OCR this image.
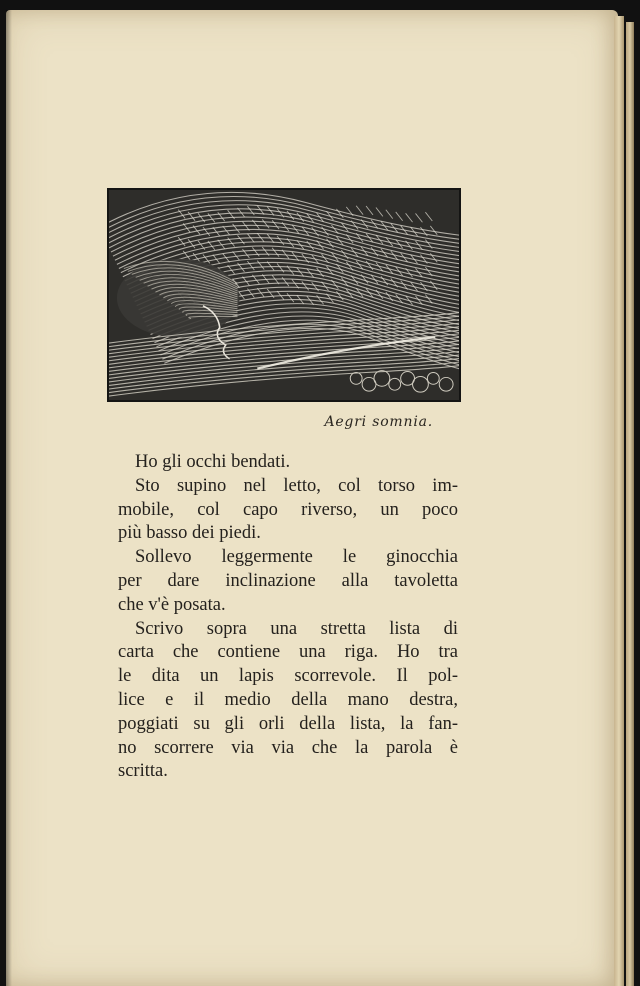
Aegri somnia.

Ho gli occhi bendati.

Sto supino nel letto, col torso im-
mobile, col capo riverso, un poco
più basso dei piedi.

Sollevo leggermente le ginocchia
per dare inclinazione alla tavoletta
che v'è posata.

Scrivo sopra una stretta lista di
carta che contiene una riga. Ho tra
le dita un lapis scorrevole. Il pol-
lice e il medio della mano destra,
poggiati su gli orli della lista, la fan-
no scorrere via via che la parola è
scritta.
